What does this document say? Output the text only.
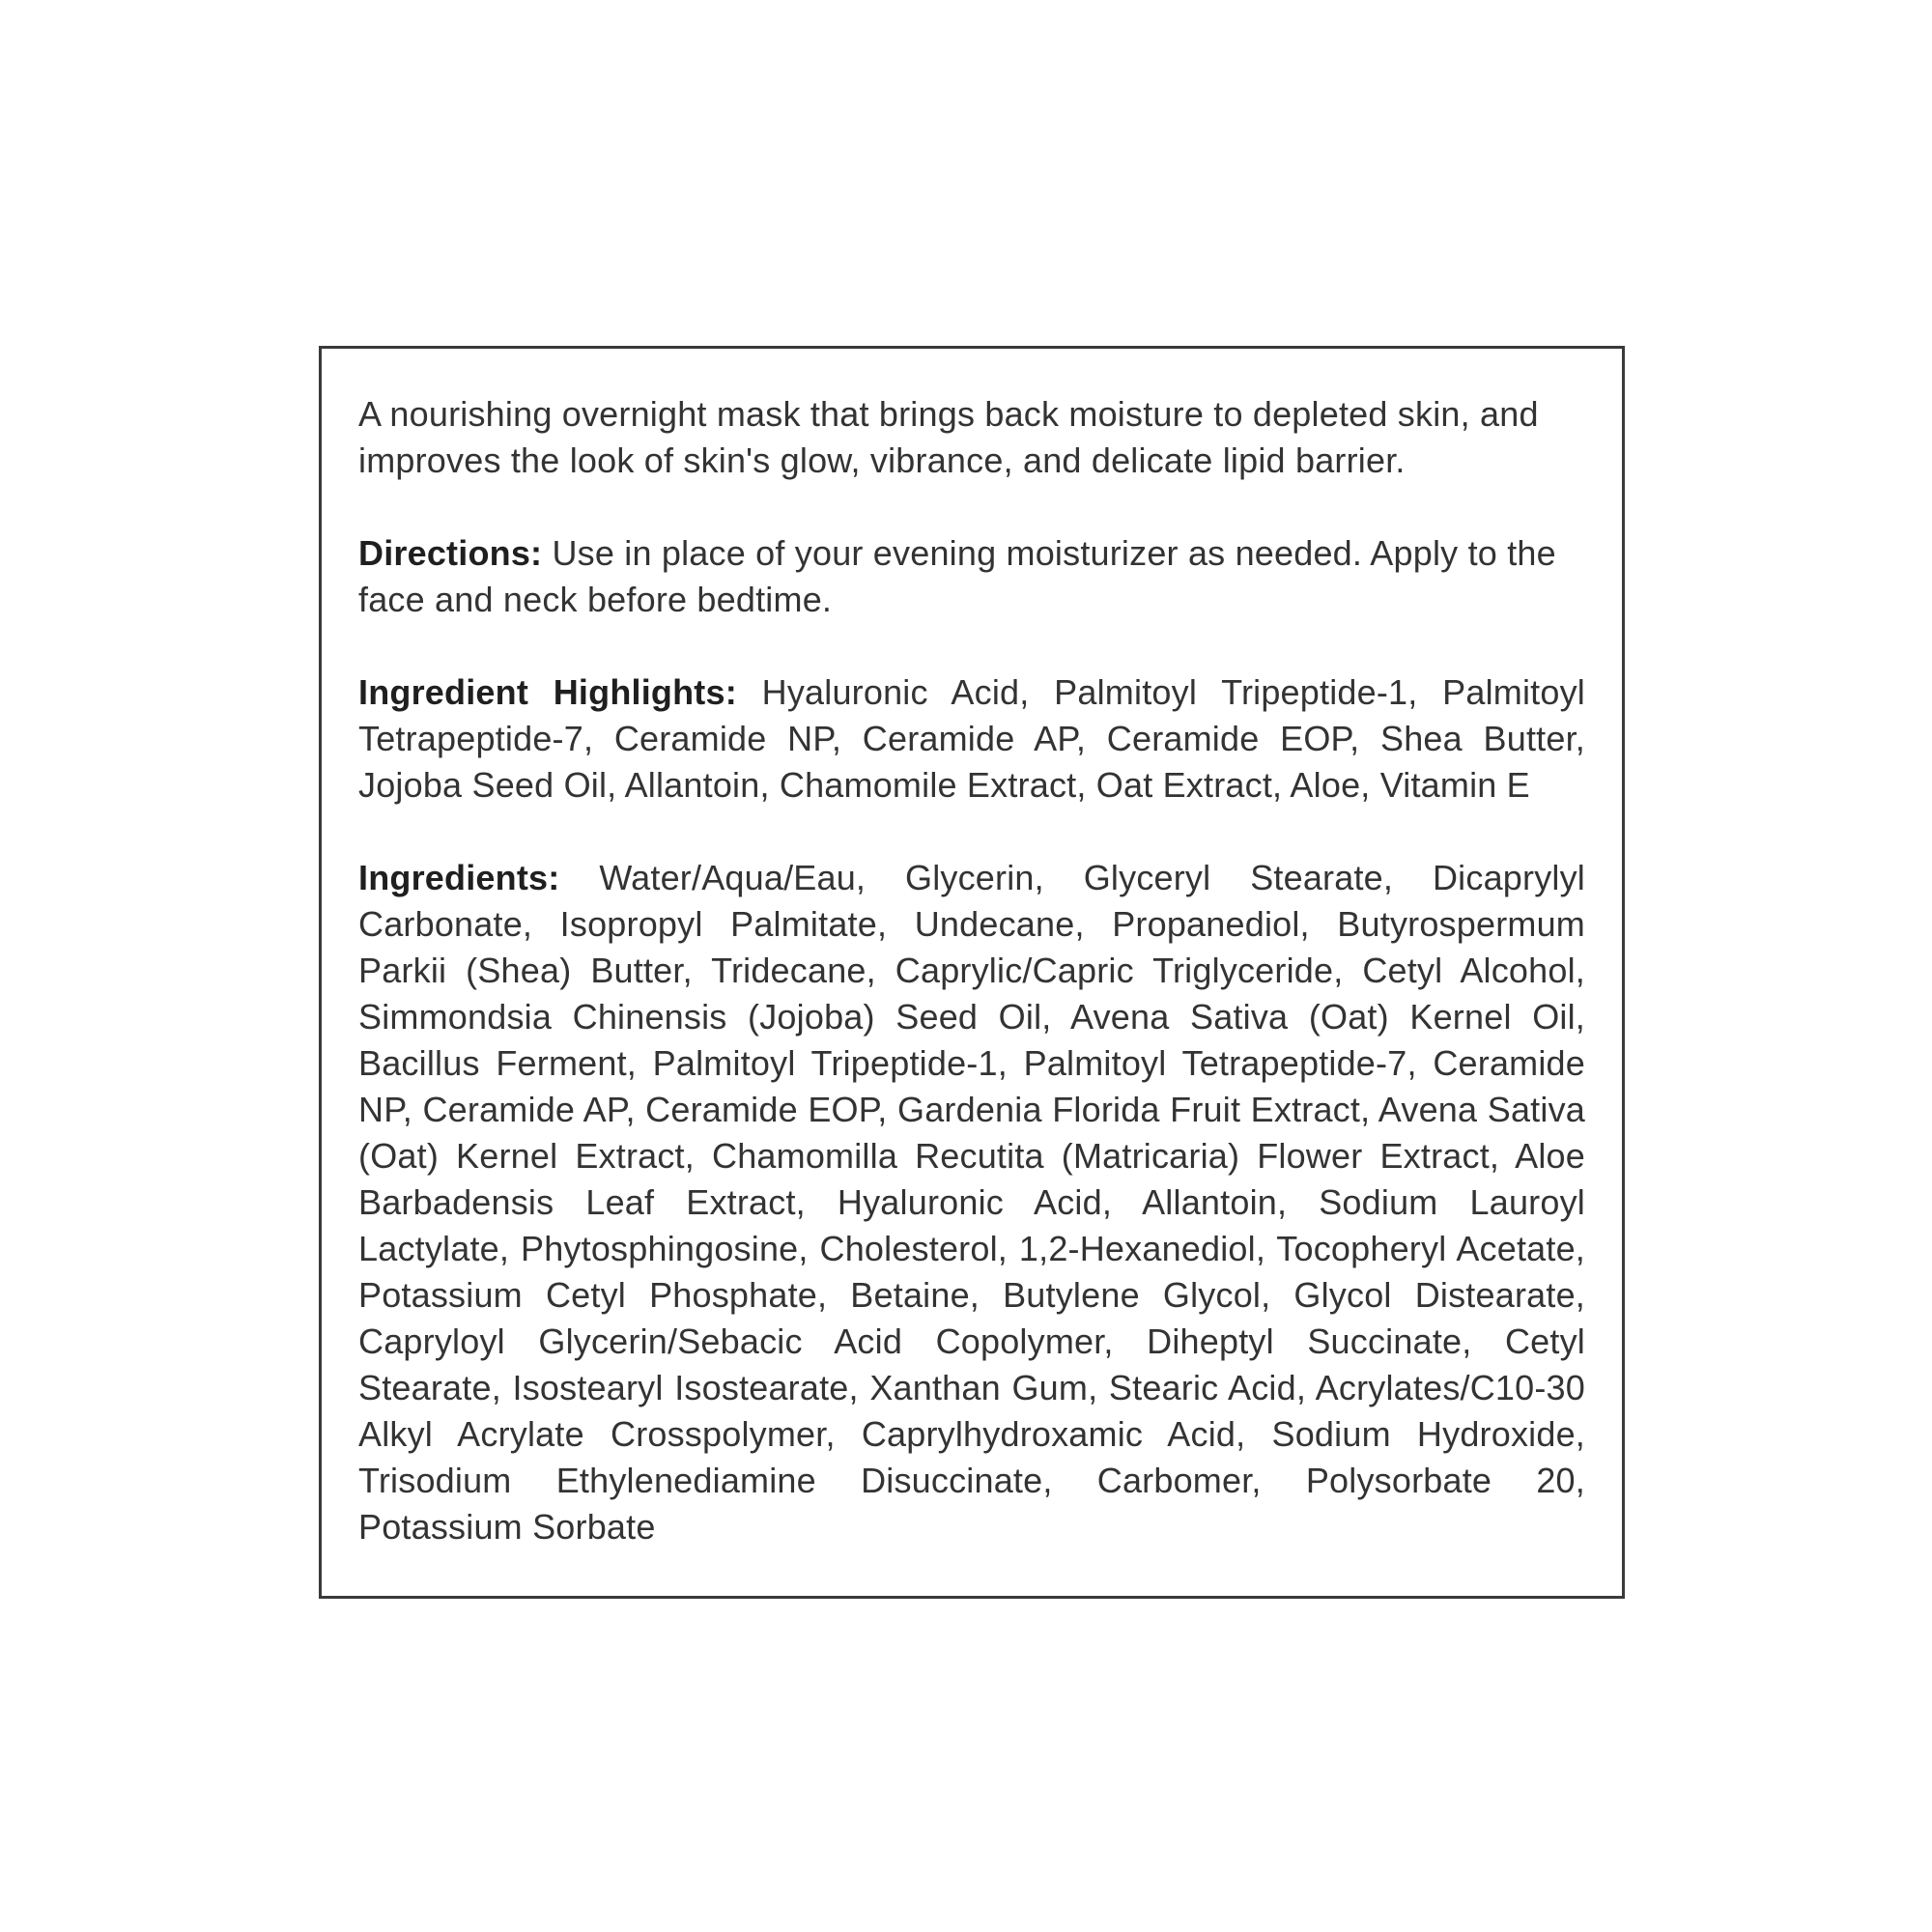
A nourishing overnight mask that brings back moisture to depleted skin, and improves the look of skin's glow, vibrance, and delicate lipid barrier.

Directions: Use in place of your evening moisturizer as needed. Apply to the face and neck before bedtime.

Ingredient Highlights: Hyaluronic Acid, Palmitoyl Tripeptide-1, Palmitoyl Tetrapeptide-7, Ceramide NP, Ceramide AP, Ceramide EOP, Shea Butter, Jojoba Seed Oil, Allantoin, Chamomile Extract, Oat Extract, Aloe, Vitamin E

Ingredients: Water/Aqua/Eau, Glycerin, Glyceryl Stearate, Dicaprylyl Carbonate, Isopropyl Palmitate, Undecane, Propanediol, Butyrospermum Parkii (Shea) Butter, Tridecane, Caprylic/Capric Triglyceride, Cetyl Alcohol, Simmondsia Chinensis (Jojoba) Seed Oil, Avena Sativa (Oat) Kernel Oil, Bacillus Ferment, Palmitoyl Tripeptide-1, Palmitoyl Tetrapeptide-7, Ceramide NP, Ceramide AP, Ceramide EOP, Gardenia Florida Fruit Extract, Avena Sativa (Oat) Kernel Extract, Chamomilla Recutita (Matricaria) Flower Extract, Aloe Barbadensis Leaf Extract, Hyaluronic Acid, Allantoin, Sodium Lauroyl Lactylate, Phytosphingosine, Cholesterol, 1,2-Hexanediol, Tocopheryl Acetate, Potassium Cetyl Phosphate, Betaine, Butylene Glycol, Glycol Distearate, Capryloyl Glycerin/Sebacic Acid Copolymer, Diheptyl Succinate, Cetyl Stearate, Isostearyl Isostearate, Xanthan Gum, Stearic Acid, Acrylates/C10-30 Alkyl Acrylate Crosspolymer, Caprylhydroxamic Acid, Sodium Hydroxide, Trisodium Ethylenediamine Disuccinate, Carbomer, Polysorbate 20, Potassium Sorbate
